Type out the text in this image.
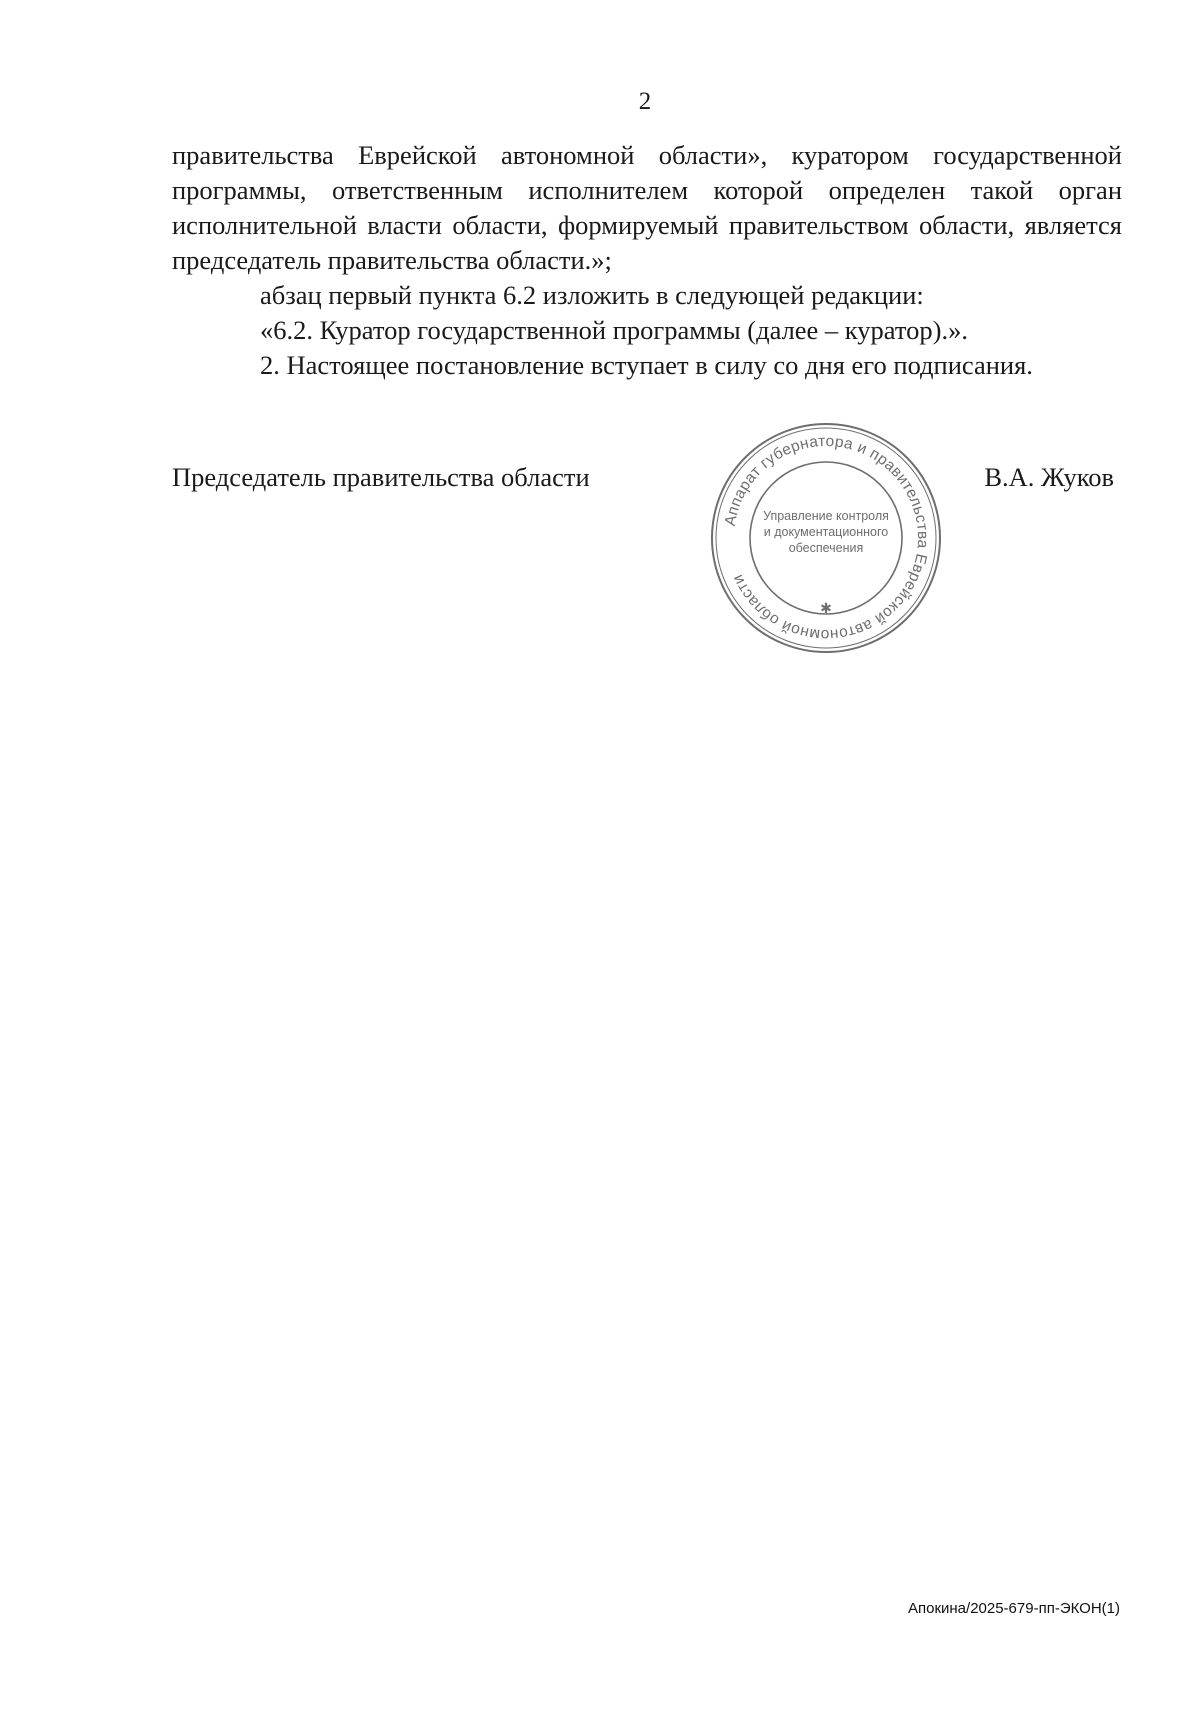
2

правительства Еврейской автономной области», куратором государственной программы, ответственным исполнителем которой определен такой орган исполнительной власти области, формируемый правительством области, является председатель правительства области.»;

абзац первый пункта 6.2 изложить в следующей редакции:

«6.2. Куратор государственной программы (далее – куратор).».

2. Настоящее постановление вступает в силу со дня его подписания.

Председатель правительства области	В.А. Жуков
Аппарат губернатора и правительства Еврейской автономной области
Управление контроля и документационного обеспечения
✱
Апокина/2025-679-пп-ЭКОН(1)
